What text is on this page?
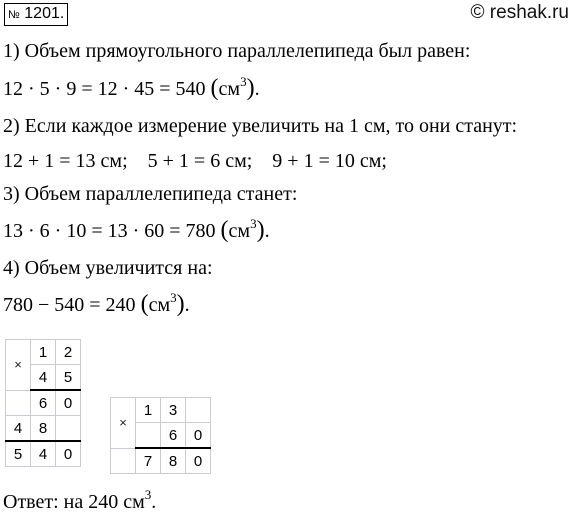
№ 1201.	© reshak.ru
1) Объем прямоугольного параллелепипеда был равен:
12 · 5 · 9 = 12 · 45 = 540 $(см^3)$.
2) Если каждое измерение увеличить на 1 см, то они станут:
12 + 1 = 13 см;    5 + 1 = 6 см;    9 + 1 = 10 см;
3) Объем параллелепипеда станет:
13 · 6 · 10 = 13 · 60 = 780 $(см^3)$.
4) Объем увеличится на:
780 − 540 = 240 $(см^3)$.
×	1	2
	4	5
	6	0
4	8	
5	4	0
×	1	3	
		6	0
	7	8	0
Ответ: на 240 $см^3$.
